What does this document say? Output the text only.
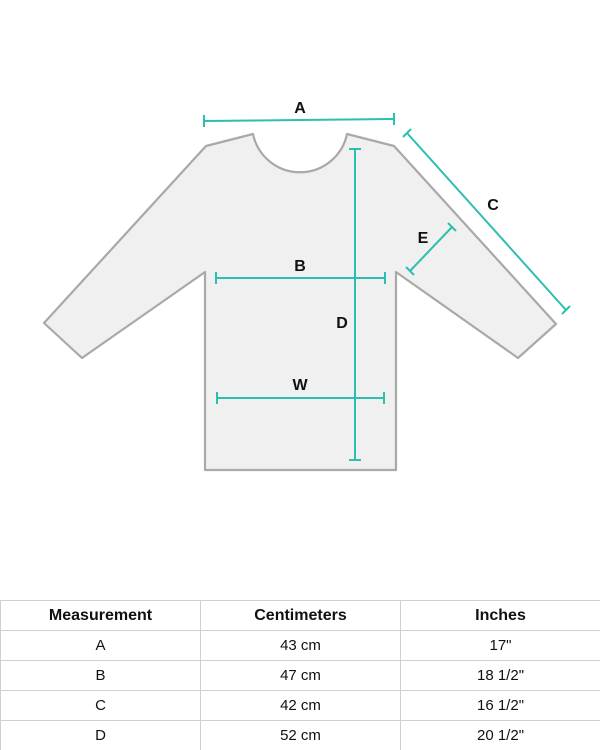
A
C
E
B
D
W
Measurement	Centimeters	Inches
A	43 cm	17"
B	47 cm	18 1/2"
C	42 cm	16 1/2"
D	52 cm	20 1/2"
